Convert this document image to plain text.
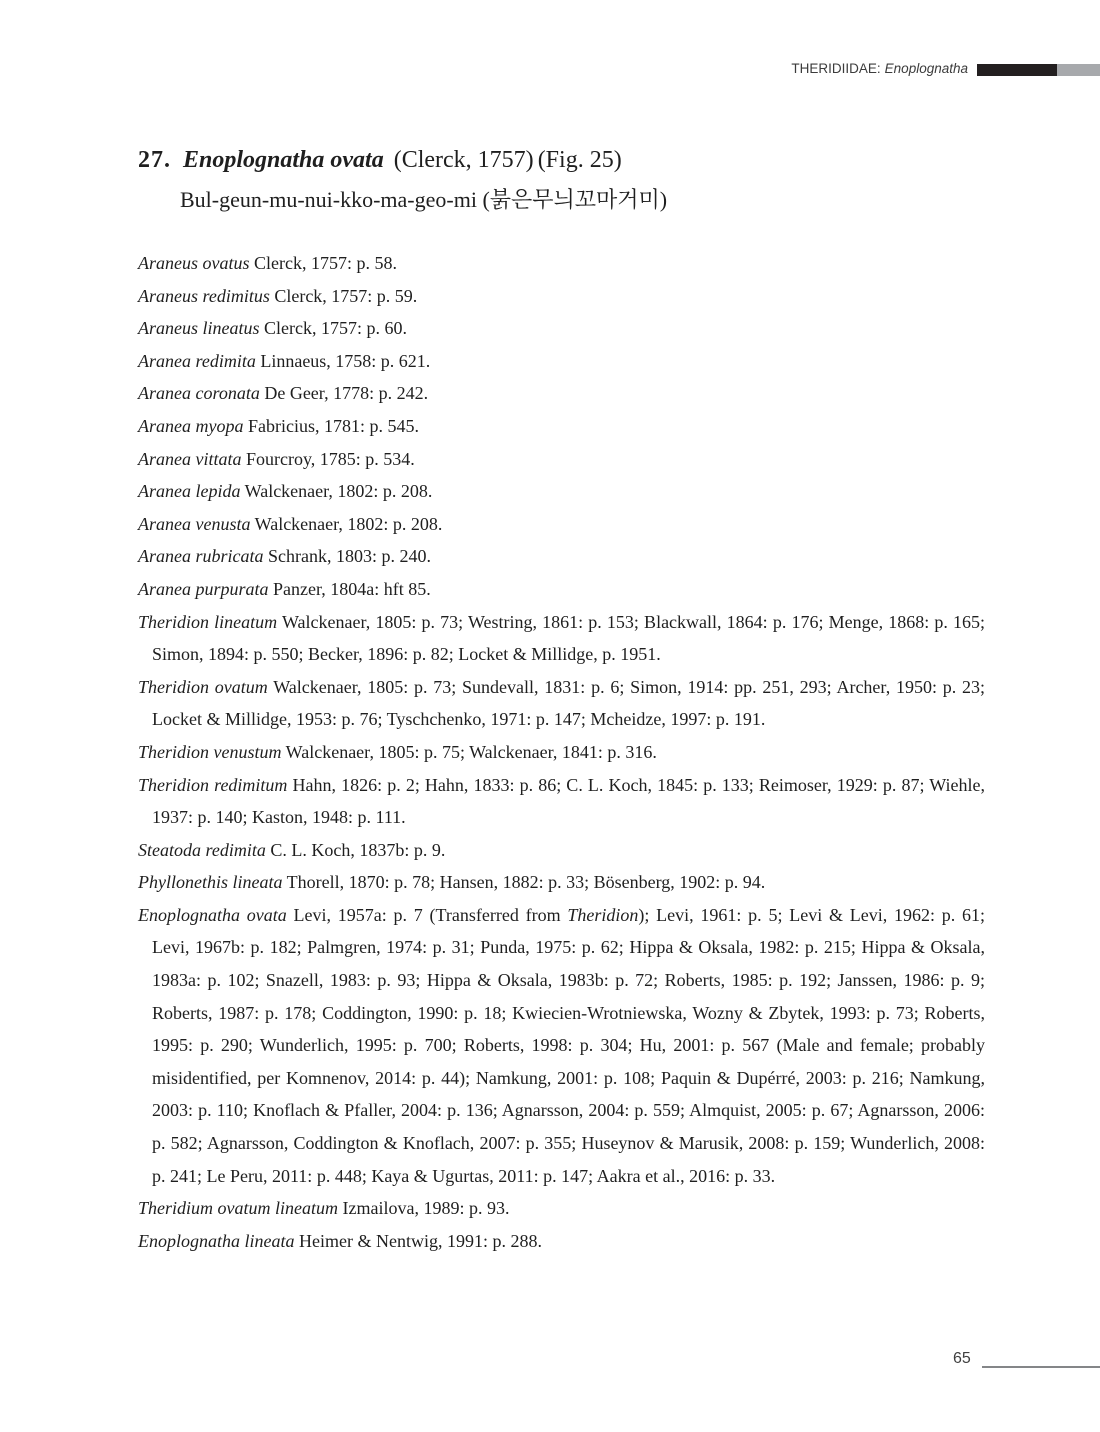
THERIDIIDAE: Enoplognatha
27. Enoplognatha ovata (Clerck, 1757) (Fig. 25)
Bul-geun-mu-nui-kko-ma-geo-mi (붉은무늬꼬마거미)

Araneus ovatus Clerck, 1757: p. 58.

Araneus redimitus Clerck, 1757: p. 59.

Araneus lineatus Clerck, 1757: p. 60.

Aranea redimita Linnaeus, 1758: p. 621.

Aranea coronata De Geer, 1778: p. 242.

Aranea myopa Fabricius, 1781: p. 545.

Aranea vittata Fourcroy, 1785: p. 534.

Aranea lepida Walckenaer, 1802: p. 208.

Aranea venusta Walckenaer, 1802: p. 208.

Aranea rubricata Schrank, 1803: p. 240.

Aranea purpurata Panzer, 1804a: hft 85.

Theridion lineatum Walckenaer, 1805: p. 73; Westring, 1861: p. 153; Blackwall, 1864: p. 176; Menge, 1868: p. 165; Simon, 1894: p. 550; Becker, 1896: p. 82; Locket & Millidge, p. 1951.

Theridion ovatum Walckenaer, 1805: p. 73; Sundevall, 1831: p. 6; Simon, 1914: pp. 251, 293; Archer, 1950: p. 23; Locket & Millidge, 1953: p. 76; Tyschchenko, 1971: p. 147; Mcheidze, 1997: p. 191.

Theridion venustum Walckenaer, 1805: p. 75; Walckenaer, 1841: p. 316.

Theridion redimitum Hahn, 1826: p. 2; Hahn, 1833: p. 86; C. L. Koch, 1845: p. 133; Reimoser, 1929: p. 87; Wiehle, 1937: p. 140; Kaston, 1948: p. 111.

Steatoda redimita C. L. Koch, 1837b: p. 9.

Phyllonethis lineata Thorell, 1870: p. 78; Hansen, 1882: p. 33; Bösenberg, 1902: p. 94.

Enoplognatha ovata Levi, 1957a: p. 7 (Transferred from Theridion); Levi, 1961: p. 5; Levi & Levi, 1962: p. 61; Levi, 1967b: p. 182; Palmgren, 1974: p. 31; Punda, 1975: p. 62; Hippa & Oksala, 1982: p. 215; Hippa & Oksala, 1983a: p. 102; Snazell, 1983: p. 93; Hippa & Oksala, 1983b: p. 72; Roberts, 1985: p. 192; Janssen, 1986: p. 9; Roberts, 1987: p. 178; Coddington, 1990: p. 18; Kwiecien-Wrotniewska, Wozny & Zbytek, 1993: p. 73; Roberts, 1995: p. 290; Wunderlich, 1995: p. 700; Roberts, 1998: p. 304; Hu, 2001: p. 567 (Male and female; probably misidentified, per Komnenov, 2014: p. 44); Namkung, 2001: p. 108; Paquin & Dupérré, 2003: p. 216; Namkung, 2003: p. 110; Knoflach & Pfaller, 2004: p. 136; Agnarsson, 2004: p. 559; Almquist, 2005: p. 67; Agnarsson, 2006: p. 582; Agnarsson, Coddington & Knoflach, 2007: p. 355; Huseynov & Marusik, 2008: p. 159; Wunderlich, 2008: p. 241; Le Peru, 2011: p. 448; Kaya & Ugurtas, 2011: p. 147; Aakra et al., 2016: p. 33.

Theridium ovatum lineatum Izmailova, 1989: p. 93.

Enoplognatha lineata Heimer & Nentwig, 1991: p. 288.

65
